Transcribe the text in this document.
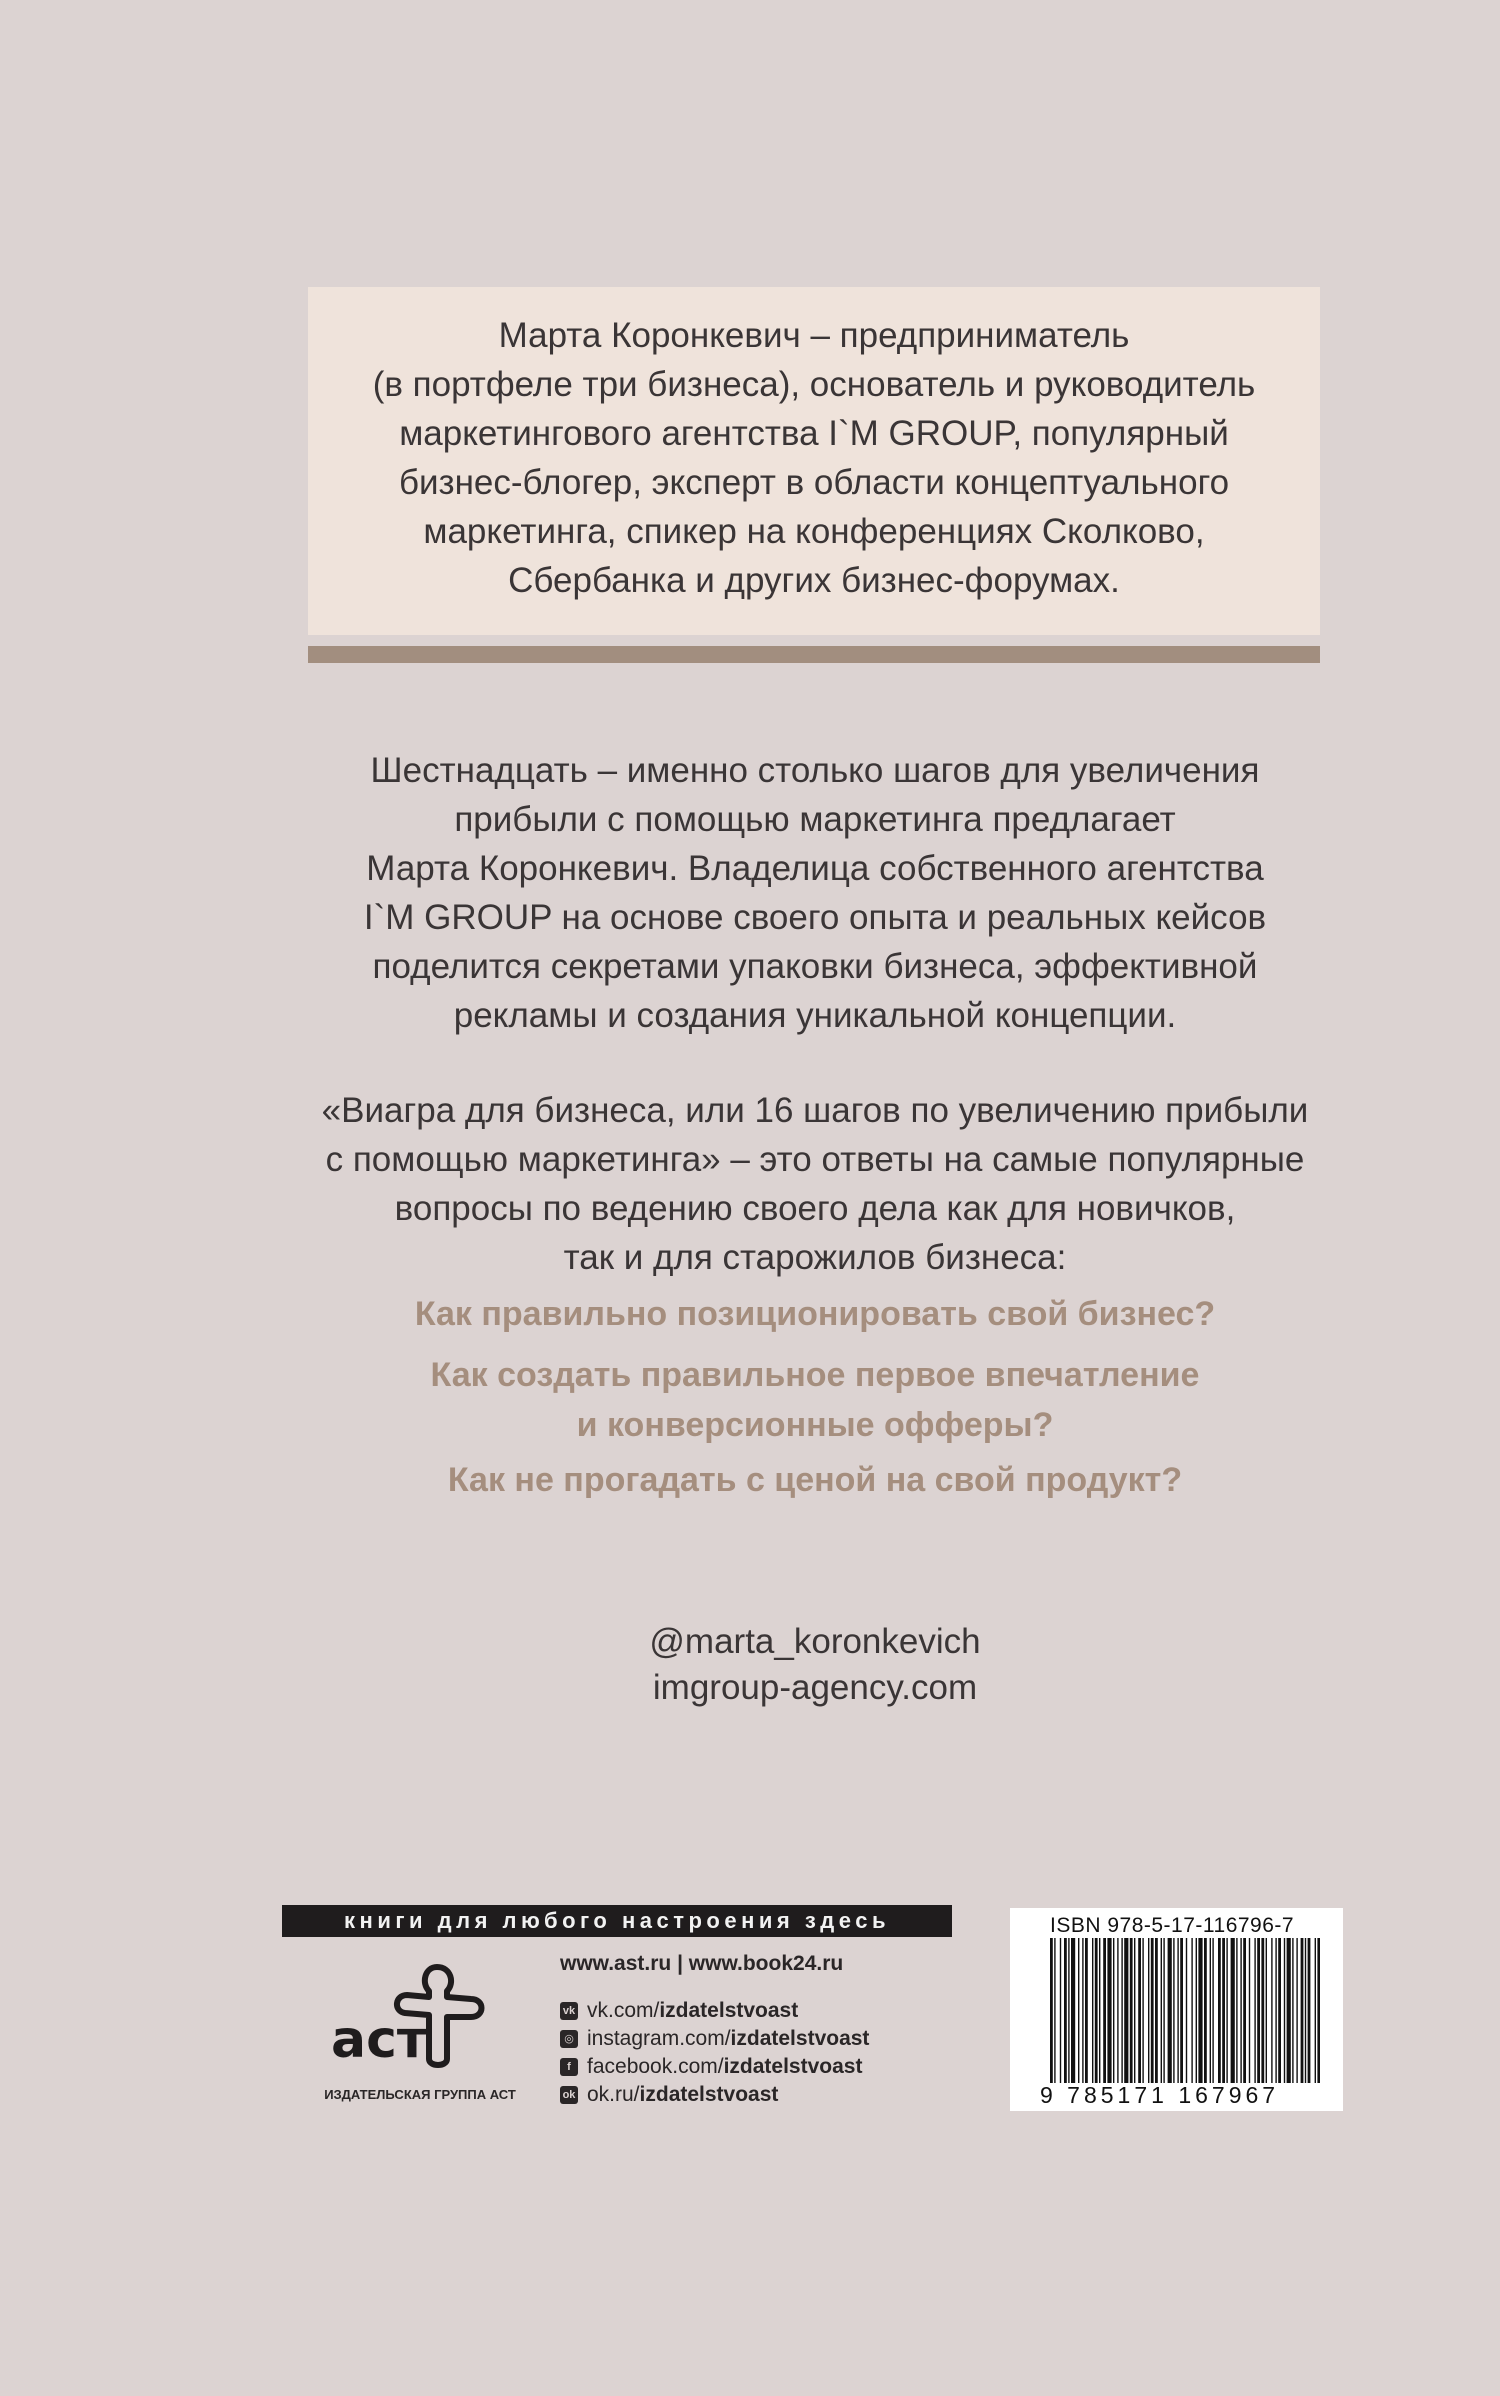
Марта Коронкевич – предприниматель
(в портфеле три бизнеса), основатель и руководитель
маркетингового агентства I`M GROUP, популярный
бизнес-блогер, эксперт в области концептуального
маркетинга, спикер на конференциях Сколково,
Сбербанка и других бизнес-форумах.
Шестнадцать – именно столько шагов для увеличения
прибыли с помощью маркетинга предлагает
Марта Коронкевич. Владелица собственного агентства
I`M GROUP на основе своего опыта и реальных кейсов
поделится секретами упаковки бизнеса, эффективной
рекламы и создания уникальной концепции.
«Виагра для бизнеса, или 16 шагов по увеличению прибыли
с помощью маркетинга» – это ответы на самые популярные
вопросы по ведению своего дела как для новичков,
так и для старожилов бизнеса:
Как правильно позиционировать свой бизнес?
Как создать правильное первое впечатление
и конверсионные офферы?
Как не прогадать с ценой на свой продукт?
@marta_koronkevich
imgroup-agency.com
книги для любого настроения здесь
аст
ИЗДАТЕЛЬСКАЯ ГРУППА АСТ
www.ast.ru | www.book24.ru
vk vk.com/ izdatelstvoast
◎ instagram.com/ izdatelstvoast
f facebook.com/ izdatelstvoast
ok ok.ru/ izdatelstvoast
ISBN 978-5-17-116796-7
9 785171 167967
